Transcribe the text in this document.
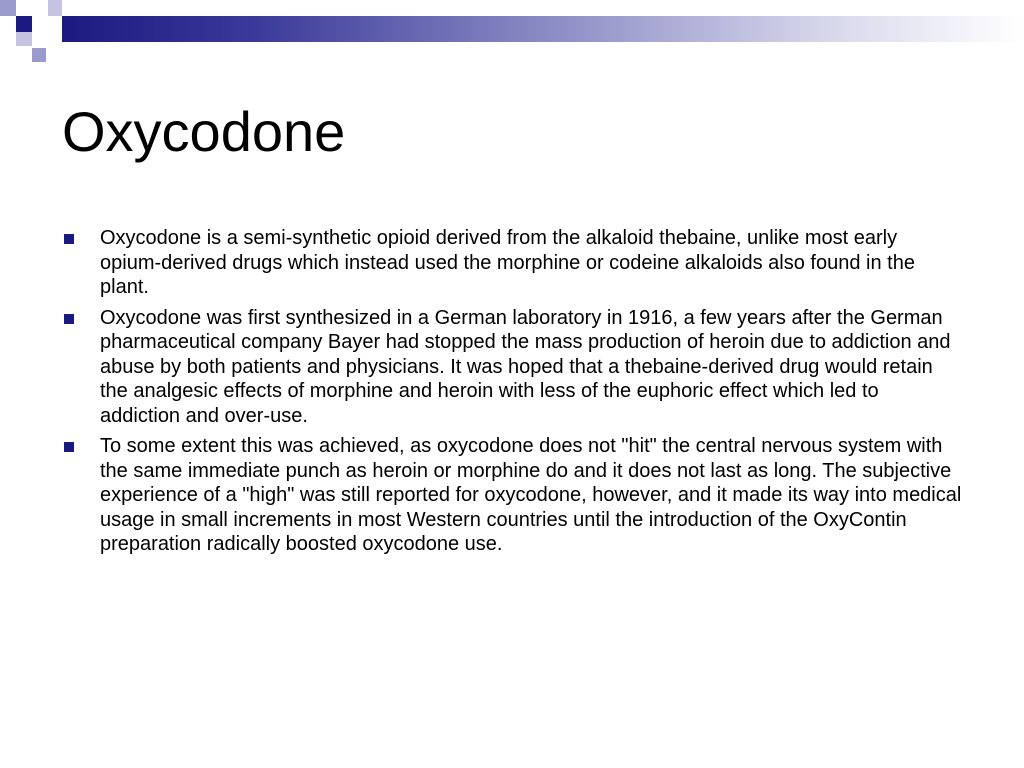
Oxycodone
Oxycodone is a semi-synthetic opioid derived from the alkaloid thebaine, unlike most early opium-derived drugs which instead used the morphine or codeine alkaloids also found in the plant.
Oxycodone was first synthesized in a German laboratory in 1916, a few years after the German pharmaceutical company Bayer had stopped the mass production of heroin due to addiction and abuse by both patients and physicians. It was hoped that a thebaine-derived drug would retain the analgesic effects of morphine and heroin with less of the euphoric effect which led to addiction and over-use.
To some extent this was achieved, as oxycodone does not "hit" the central nervous system with the same immediate punch as heroin or morphine do and it does not last as long. The subjective experience of a "high" was still reported for oxycodone, however, and it made its way into medical usage in small increments in most Western countries until the introduction of the OxyContin preparation radically boosted oxycodone use.
